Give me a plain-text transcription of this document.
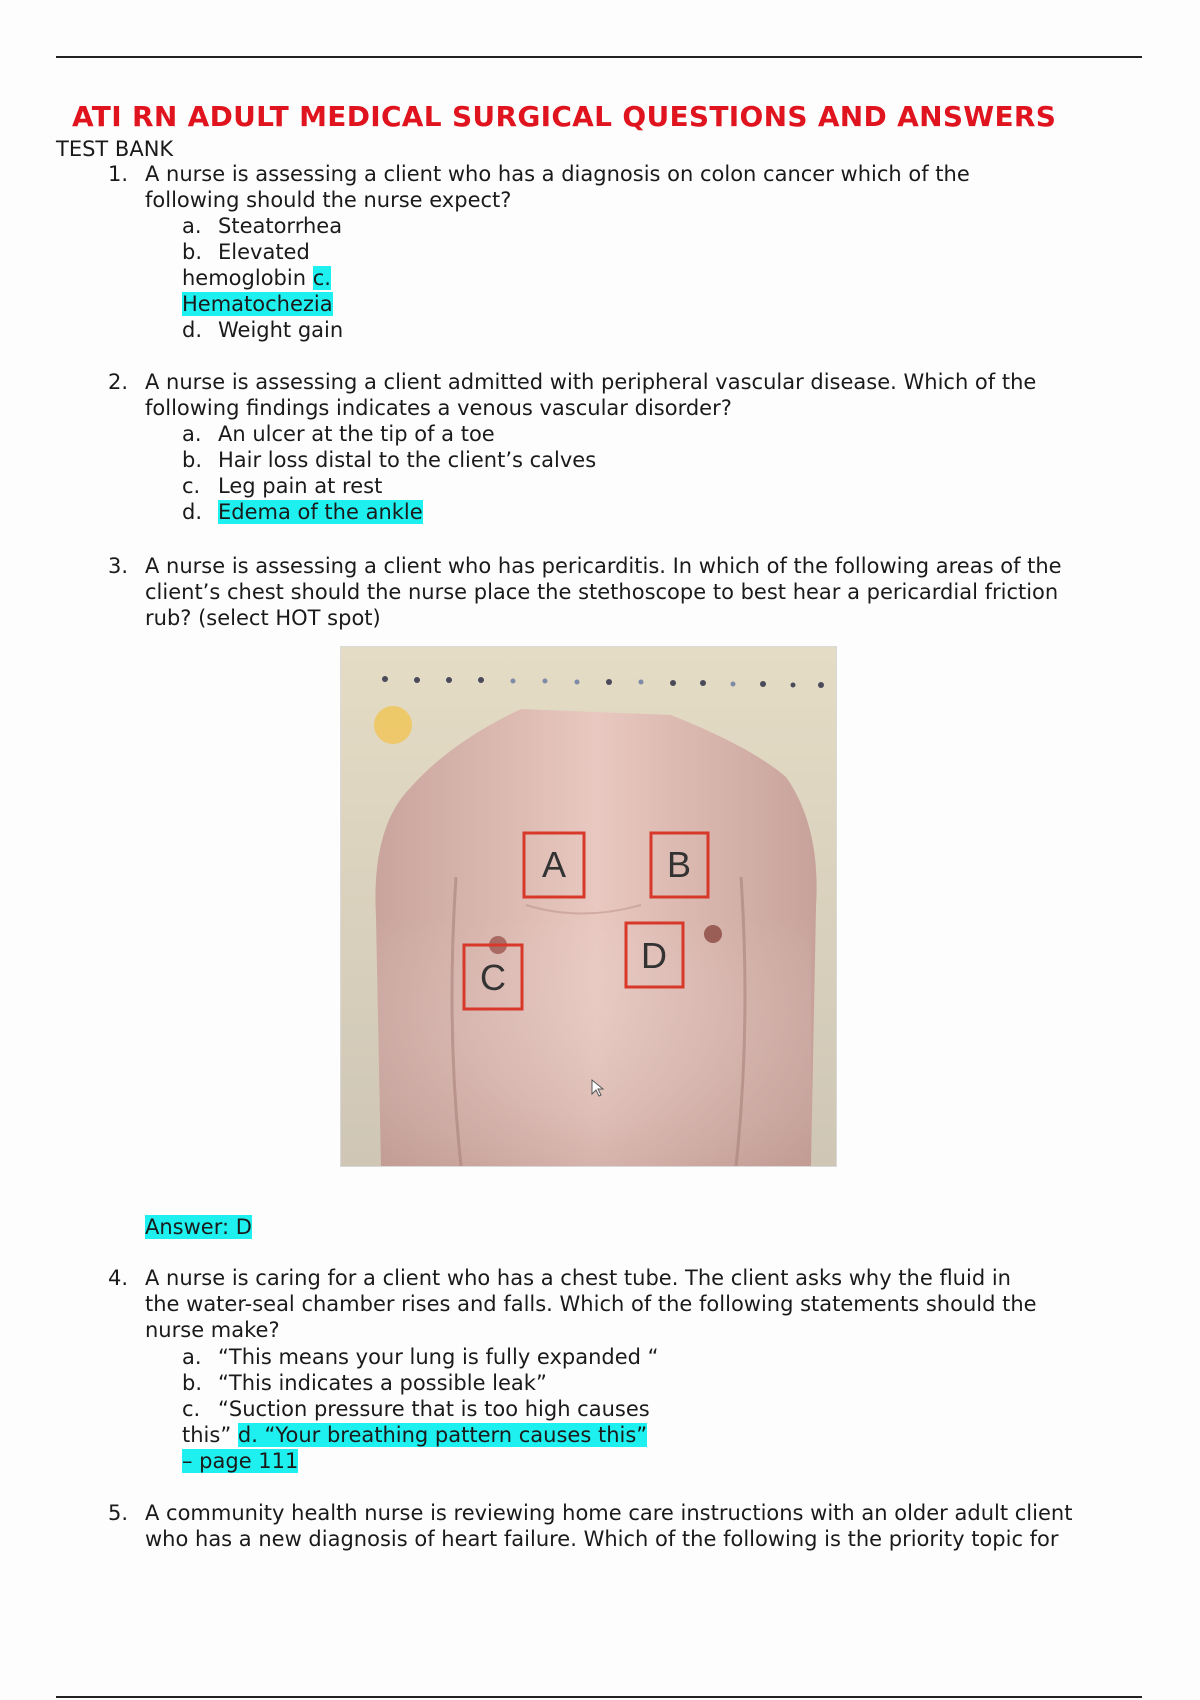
ATI RN ADULT MEDICAL SURGICAL QUESTIONS AND ANSWERS
TEST BANK
1. A nurse is assessing a client who has a diagnosis on colon cancer which of the
following should the nurse expect?
a. Steatorrhea
b. Elevated
hemoglobin c.
Hematochezia
d. Weight gain
2. A nurse is assessing a client admitted with peripheral vascular disease. Which of the
following findings indicates a venous vascular disorder?
a. An ulcer at the tip of a toe
b. Hair loss distal to the client’s calves
c. Leg pain at rest
d. Edema of the ankle
3. A nurse is assessing a client who has pericarditis. In which of the following areas of the
client’s chest should the nurse place the stethoscope to best hear a pericardial friction
rub? (select HOT spot)
A	B
C
D
Answer: D
4. A nurse is caring for a client who has a chest tube. The client asks why the fluid in
the water-seal chamber rises and falls. Which of the following statements should the
nurse make?
a. “This means your lung is fully expanded “
b. “This indicates a possible leak”
c. “Suction pressure that is too high causes
this” d. “Your breathing pattern causes this”
– page 111
5. A community health nurse is reviewing home care instructions with an older adult client
who has a new diagnosis of heart failure. Which of the following is the priority topic for
